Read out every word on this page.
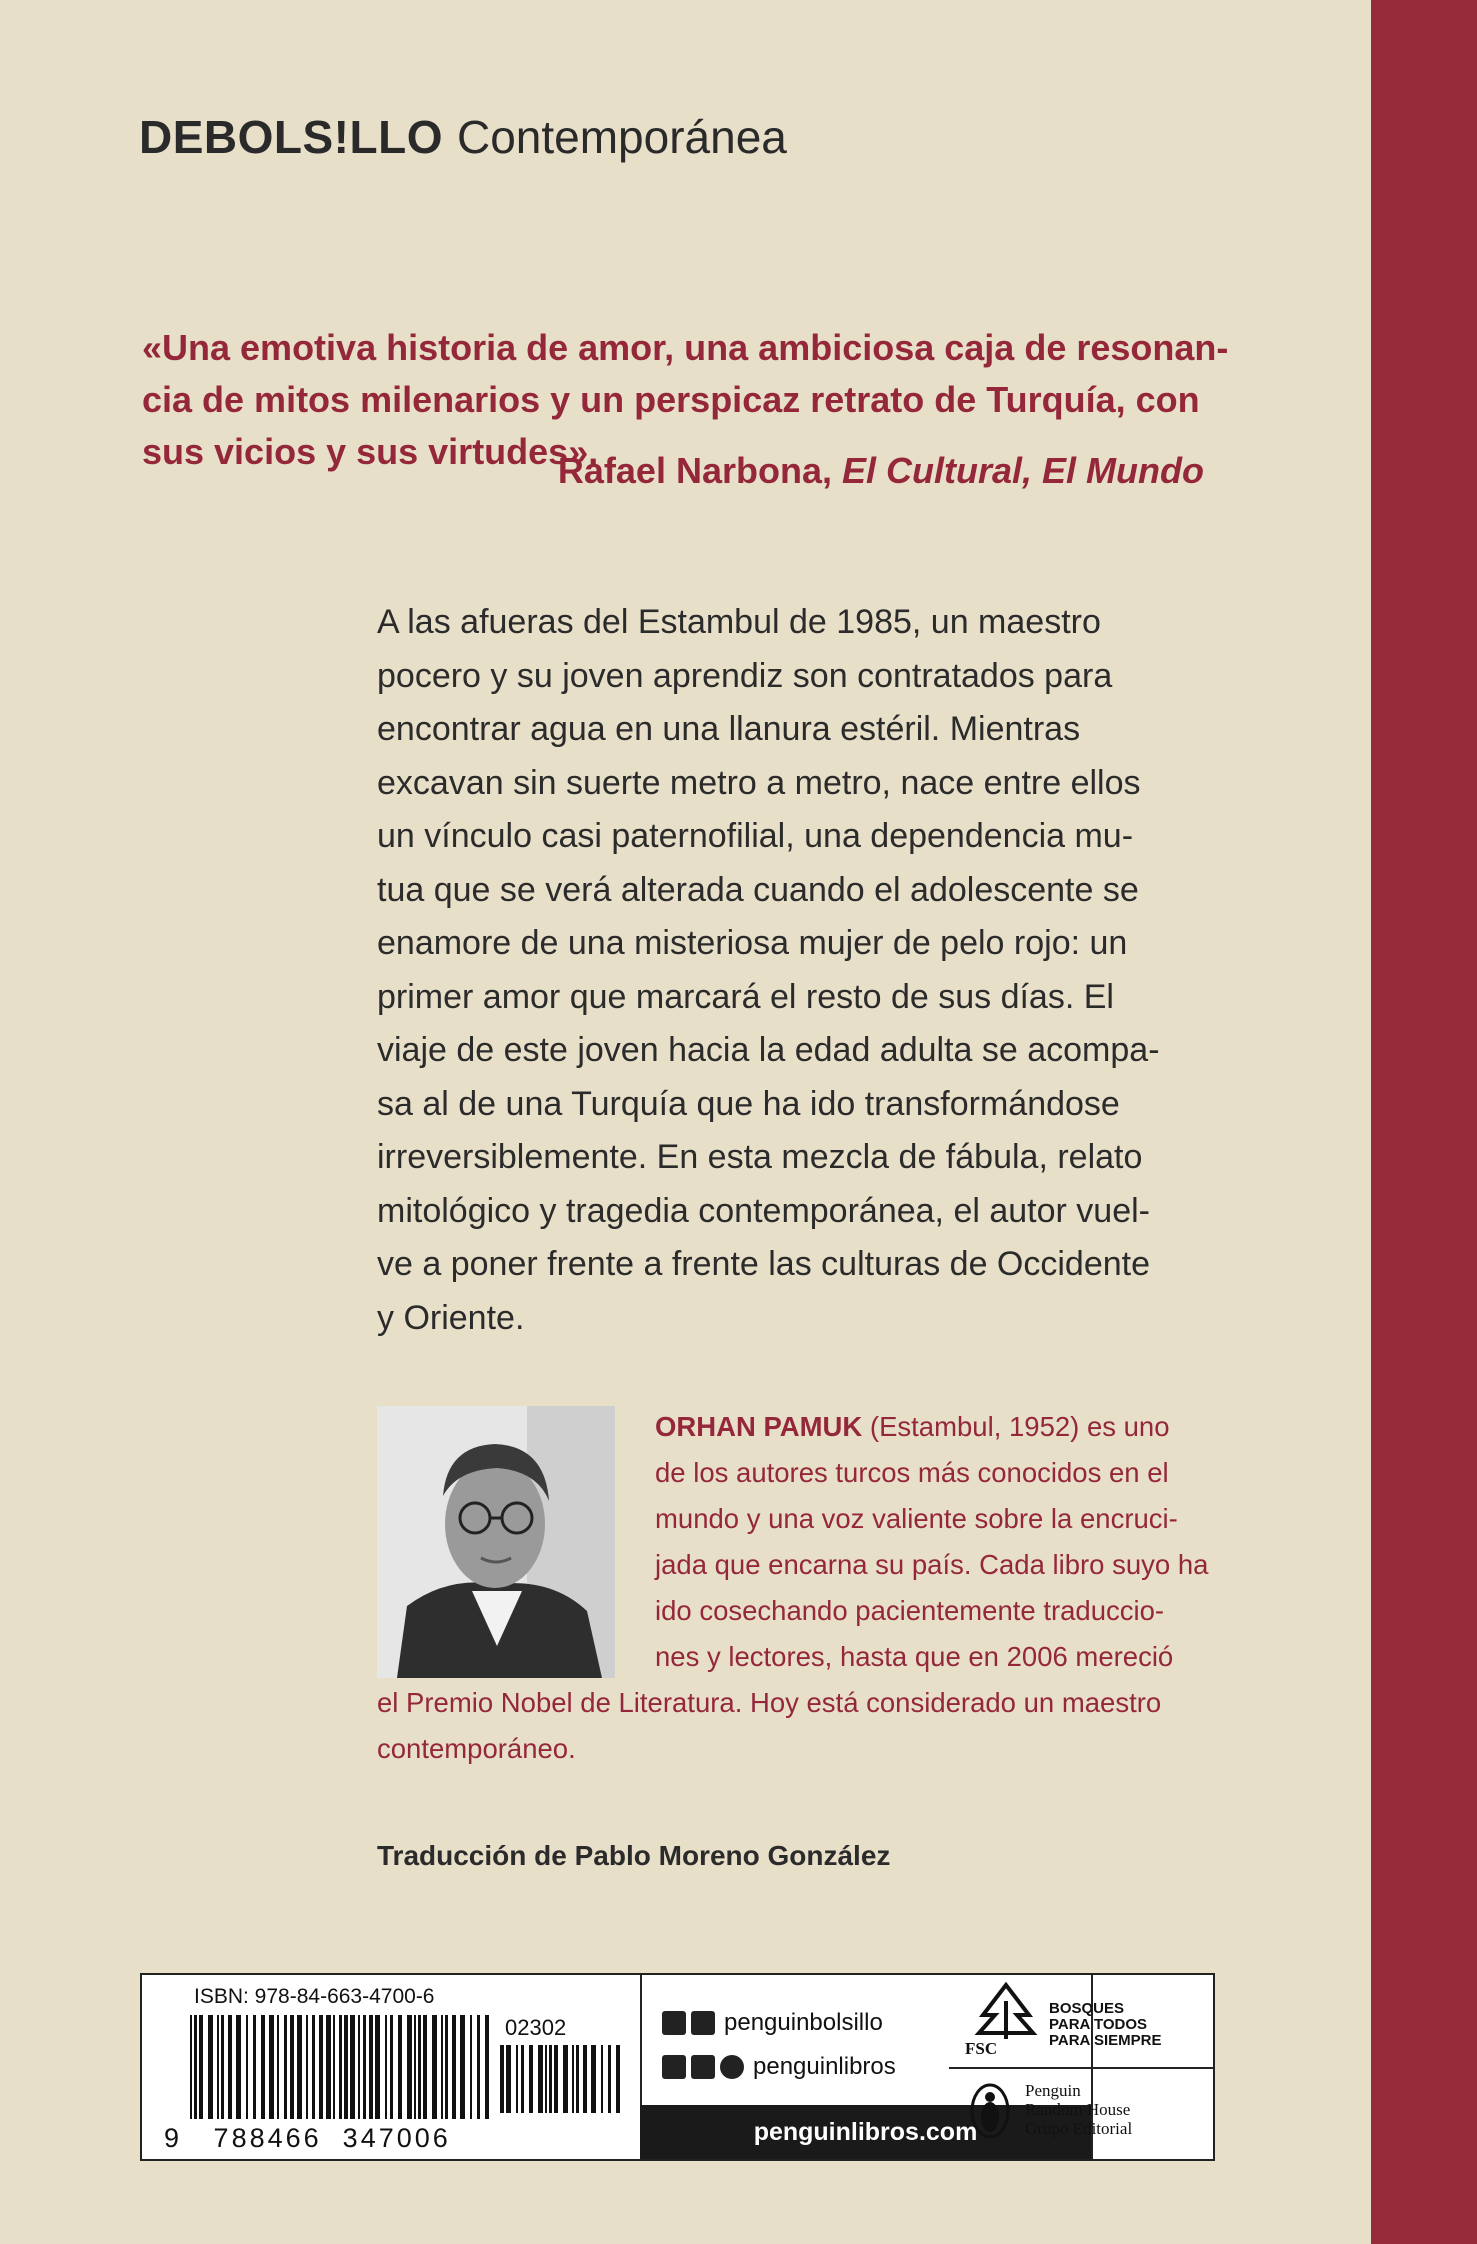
DEBOLS!LLO Contemporánea
«Una emotiva historia de amor, una ambiciosa caja de resonan-
cia de mitos milenarios y un perspicaz retrato de Turquía, con
sus vicios y sus virtudes».
Rafael Narbona, El Cultural, El Mundo
A las afueras del Estambul de 1985, un maestro
pocero y su joven aprendiz son contratados para
encontrar agua en una llanura estéril. Mientras
excavan sin suerte metro a metro, nace entre ellos
un vínculo casi paternofilial, una dependencia mu-
tua que se verá alterada cuando el adolescente se
enamore de una misteriosa mujer de pelo rojo: un
primer amor que marcará el resto de sus días. El
viaje de este joven hacia la edad adulta se acompa-
sa al de una Turquía que ha ido transformándose
irreversiblemente. En esta mezcla de fábula, relato
mitológico y tragedia contemporánea, el autor vuel-
ve a poner frente a frente las culturas de Occidente
y Oriente.
ORHAN PAMUK (Estambul, 1952) es uno
de los autores turcos más conocidos en el
mundo y una voz valiente sobre la encruci-
jada que encarna su país. Cada libro suyo ha
ido cosechando pacientemente traduccio-
nes y lectores, hasta que en 2006 mereció
el Premio Nobel de Literatura. Hoy está considerado un maestro
contemporáneo.
Traducción de Pablo Moreno González
ISBN: 978-84-663-4700-6
02302
9 788466 347006
penguinbolsillo
penguinlibros
penguinlibros.com
FSC
BOSQUES
PARA TODOS
PARA SIEMPRE
Penguin
Random House
Grupo Editorial
